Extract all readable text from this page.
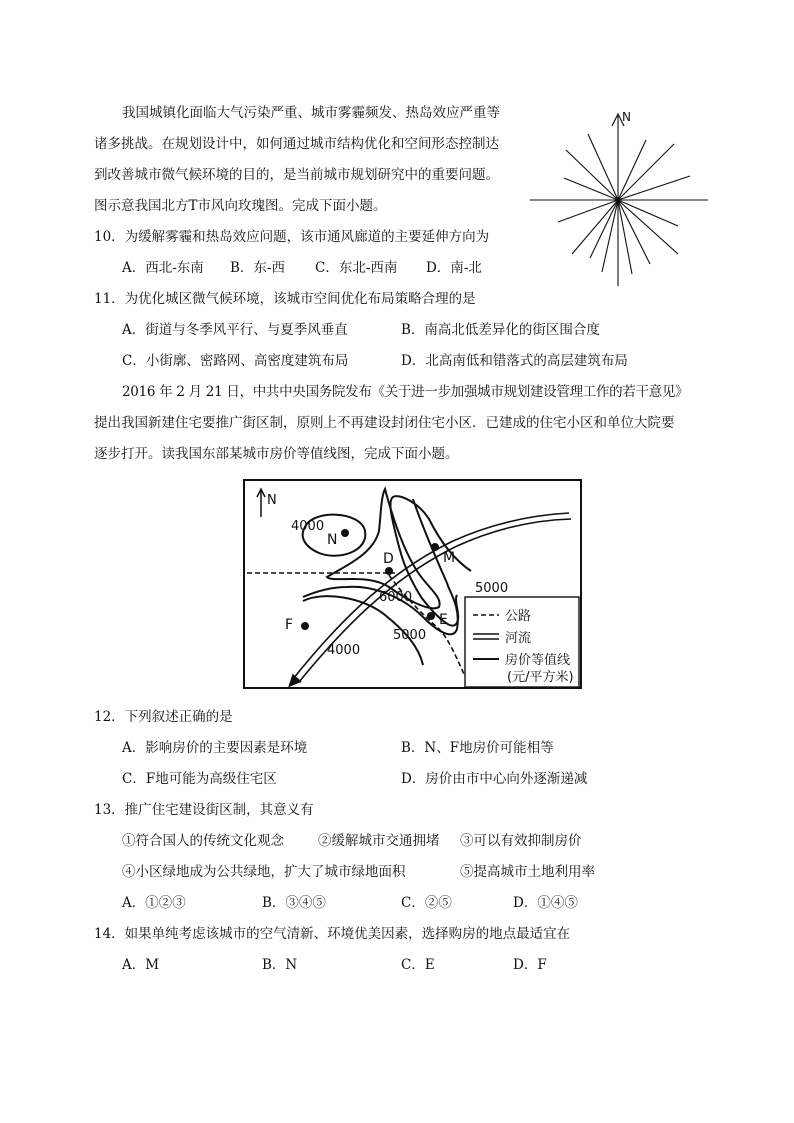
我国城镇化面临大气污染严重、城市雾霾频发、热岛效应严重等
诸多挑战。在规划设计中，如何通过城市结构优化和空间形态控制达
到改善城市微气候环境的目的，是当前城市规划研究中的重要问题。
图示意我国北方T市风向玫瑰图。完成下面小题。
N
10．为缓解雾霾和热岛效应问题，该市通风廊道的主要延伸方向为
A．西北-东南 B．东-西 C．东北-西南 D．南-北
11．为优化城区微气候环境，该城市空间优化布局策略合理的是
A．街道与冬季风平行、与夏季风垂直	B．南高北低差异化的街区围合度
C．小街廓、密路网、高密度建筑布局	D．北高南低和错落式的高层建筑布局
2016 年 2 月 21 日，中共中央国务院发布《关于进一步加强城市规划建设管理工作的若干意见》
提出我国新建住宅要推广街区制，原则上不再建设封闭住宅小区．已建成的住宅小区和单位大院要
逐步打开。读我国东部某城市房价等值线图，完成下面小题。
N
N
D	M
E
F
4000
6000
5000
5000
4000
公路
河流
房价等值线
(元/平方米)
12．下列叙述正确的是
A．影响房价的主要因素是环境	B．N、F地房价可能相等
C．F地可能为高级住宅区	D．房价由市中心向外逐渐递减
13．推广住宅建设街区制，其意义有
①符合国人的传统文化观念	②缓解城市交通拥堵 ③可以有效抑制房价
④小区绿地成为公共绿地，扩大了城市绿地面积	⑤提高城市土地利用率
A．①②③	B．③④⑤	C．②⑤	D．①④⑤
14．如果单纯考虑该城市的空气清新、环境优美因素，选择购房的地点最适宜在
A．M	B．N	C．E	D．F
